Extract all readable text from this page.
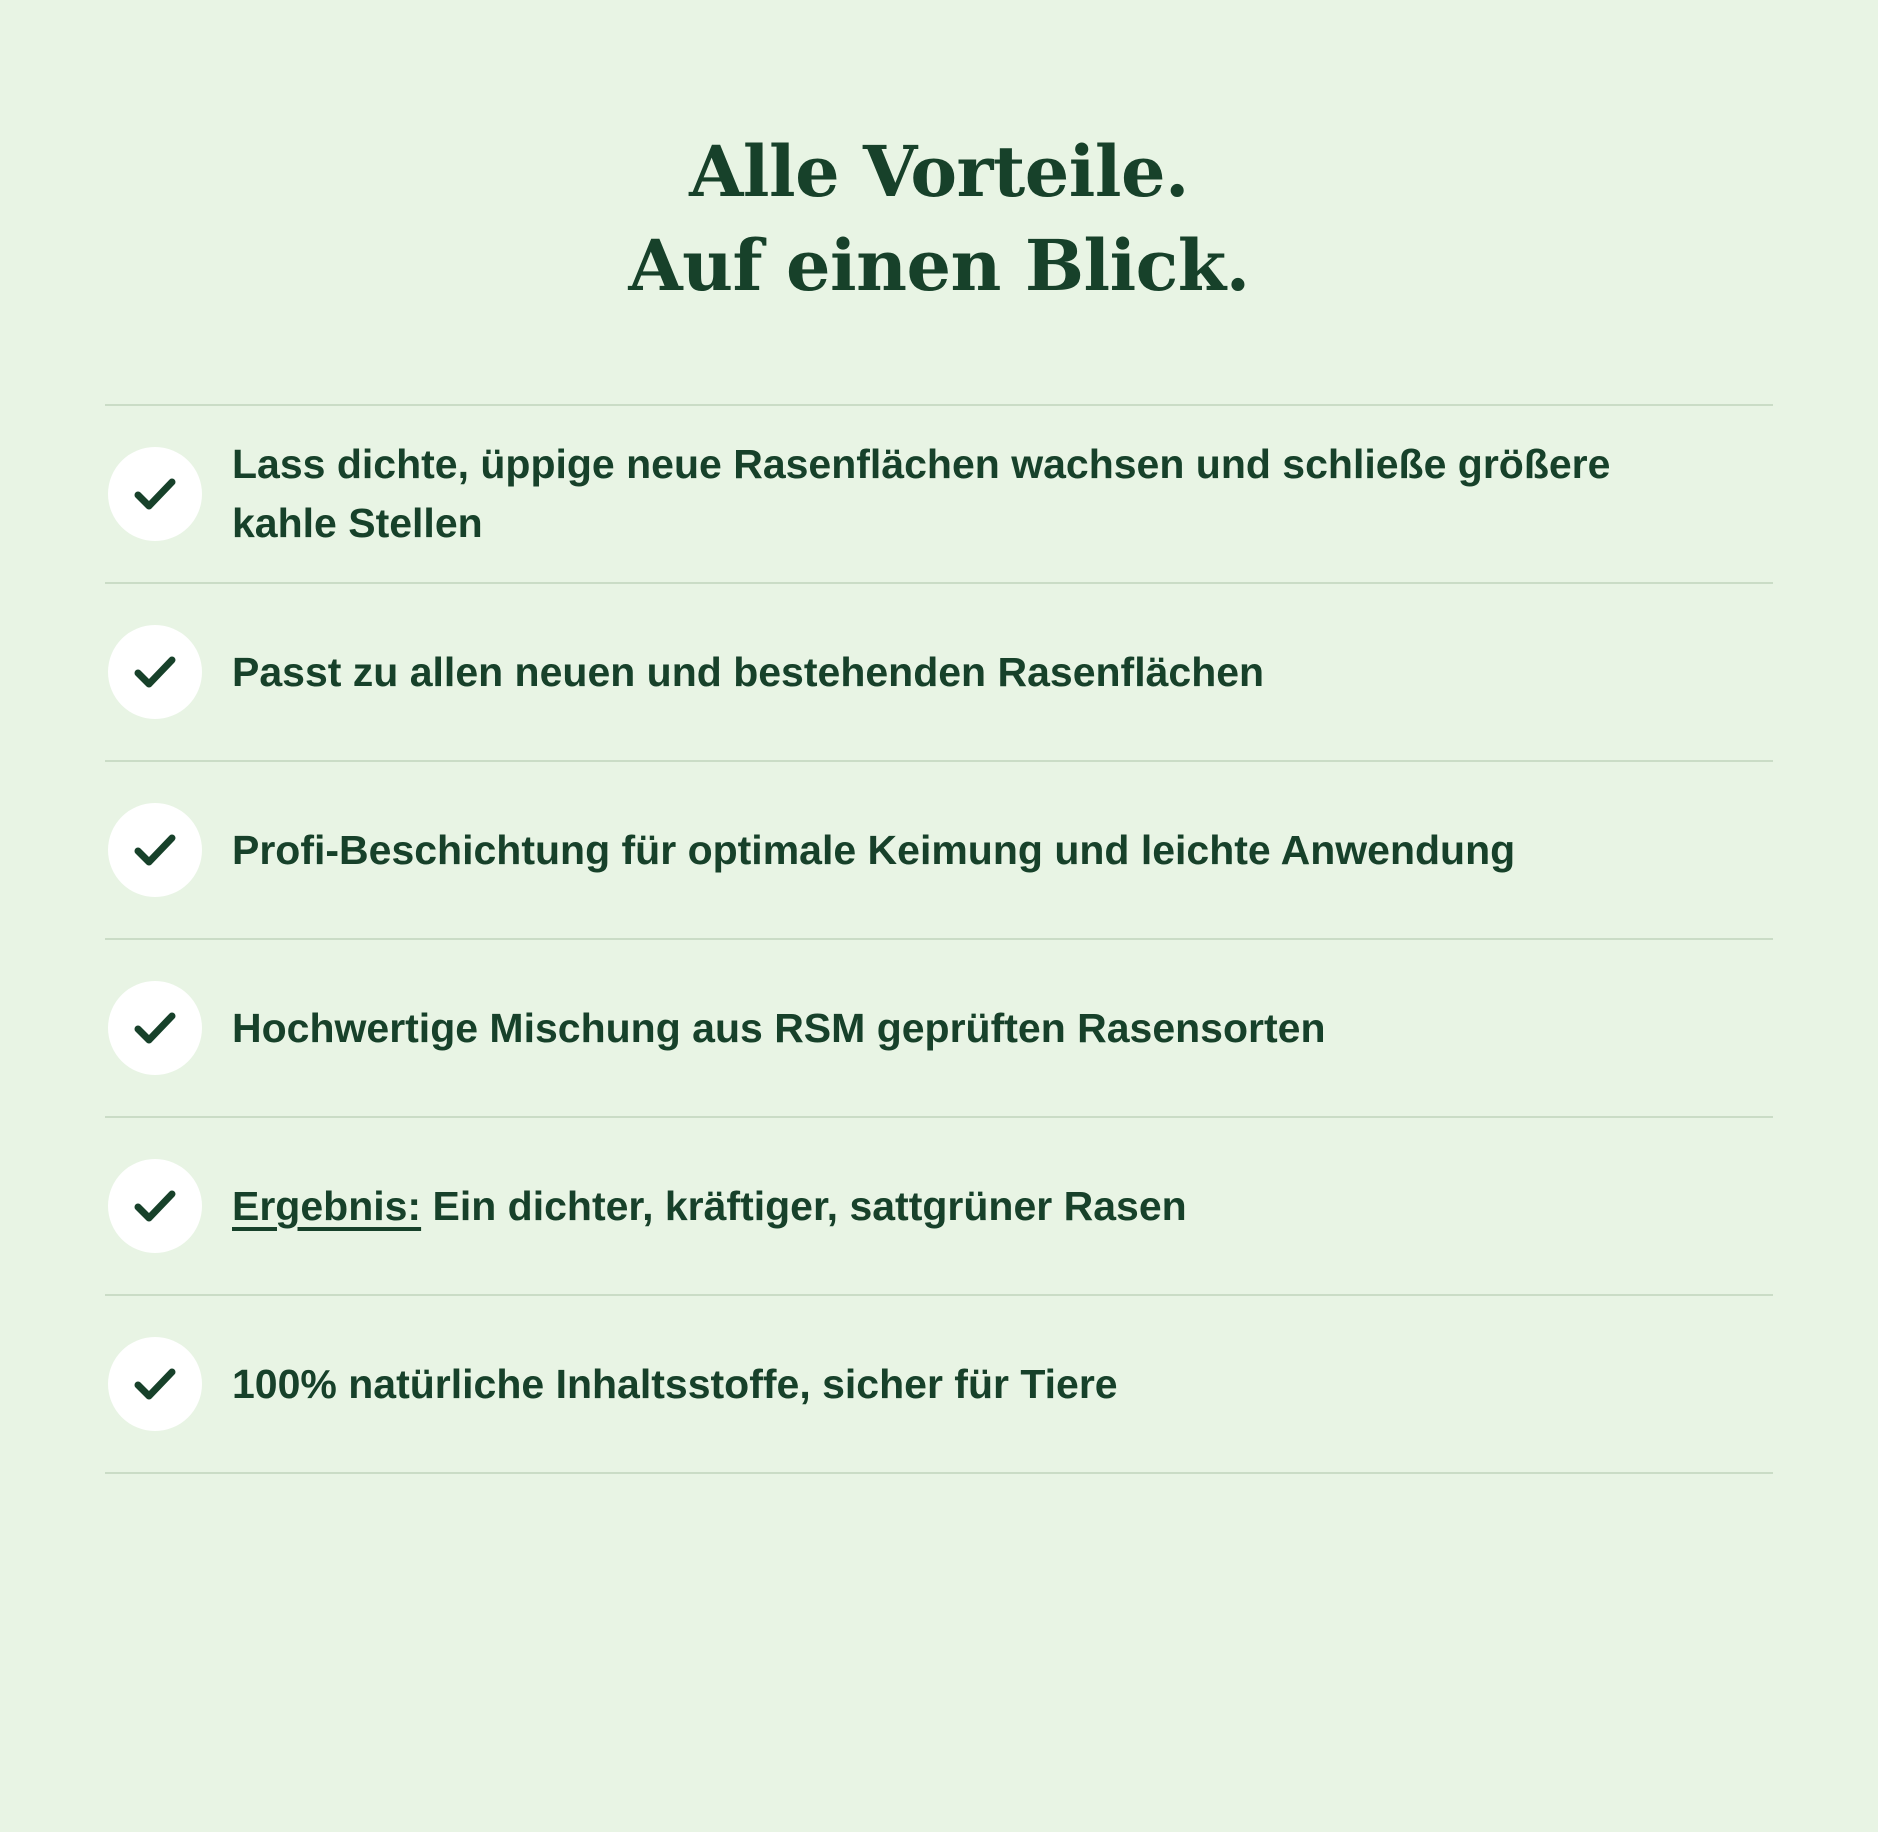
Alle Vorteile.
Auf einen Blick.
Lass dichte, üppige neue Rasenflächen wachsen und schließe größere kahle Stellen
Passt zu allen neuen und bestehenden Rasenflächen
Profi-Beschichtung für optimale Keimung und leichte Anwendung
Hochwertige Mischung aus RSM geprüften Rasensorten
Ergebnis: Ein dichter, kräftiger, sattgrüner Rasen
100% natürliche Inhaltsstoffe, sicher für Tiere
